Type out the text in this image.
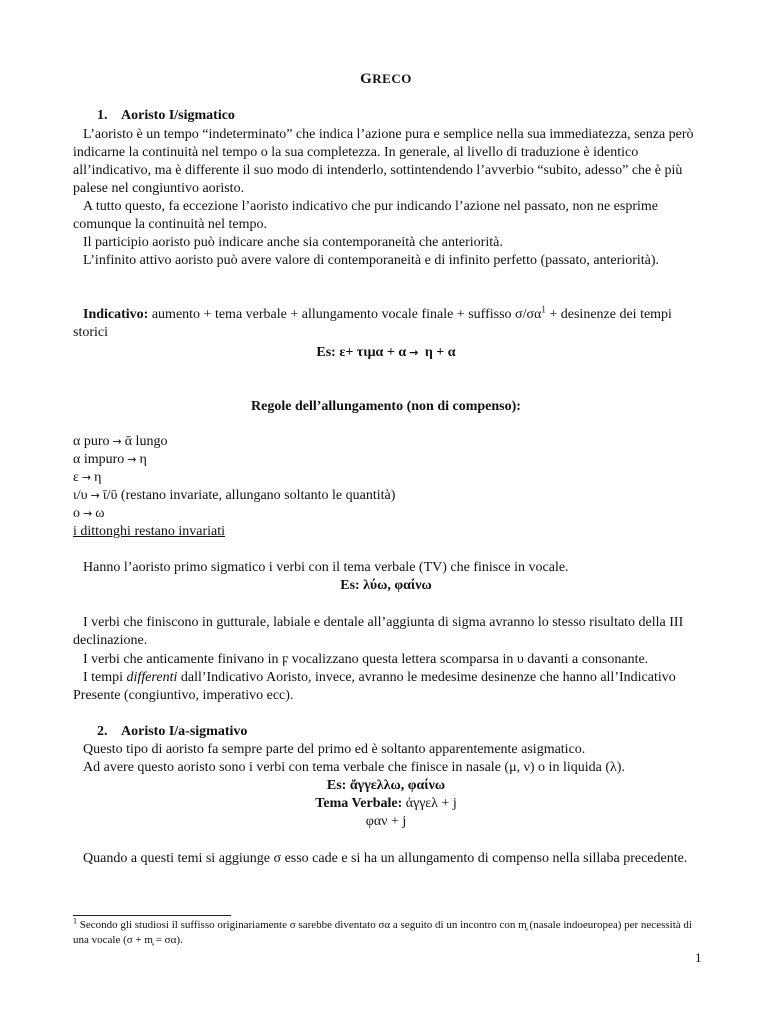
GRECO
1. Aoristo I/sigmatico
L’aoristo è un tempo “indeterminato” che indica l’azione pura e semplice nella sua immediatezza, senza però indicarne la continuità nel tempo o la sua completezza. In generale, al livello di traduzione è identico all’indicativo, ma è differente il suo modo di intenderlo, sottintendendo l’avverbio “subito, adesso” che è più palese nel congiuntivo aoristo.
A tutto questo, fa eccezione l’aoristo indicativo che pur indicando l’azione nel passato, non ne esprime comunque la continuità nel tempo.
Il participio aoristo può indicare anche sia contemporaneità che anteriorità.
L’infinito attivo aoristo può avere valore di contemporaneità e di infinito perfetto (passato, anteriorità).
Indicativo: aumento + tema verbale + allungamento vocale finale + suffisso $\sigma/\sigma\alpha^1$ + desinenze dei tempi storici
Es: ε+ τιμα + α → η + α
Regole dell’allungamento (non di compenso):
α puro → ᾱ lungo
α impuro → η
ε → η
ι/υ → ῑ/ῡ (restano invariate, allungano soltanto le quantità)
ο → ω
i dittonghi restano invariati
Hanno l’aoristo primo sigmatico i verbi con il tema verbale (TV) che finisce in vocale.
Es: λύω, φαίνω
I verbi che finiscono in gutturale, labiale e dentale all’aggiunta di sigma avranno lo stesso risultato della III declinazione.
I verbi che anticamente finivano in ϝ vocalizzano questa lettera scomparsa in υ davanti a consonante.
I tempi differenti dall’Indicativo Aoristo, invece, avranno le medesime desinenze che hanno all’Indicativo Presente (congiuntivo, imperativo ecc).
2. Aoristo I/a-sigmativo
Questo tipo di aoristo fa sempre parte del primo ed è soltanto apparentemente asigmatico.
Ad avere questo aoristo sono i verbi con tema verbale che finisce in nasale (μ, ν) o in liquida (λ).
Es: ἄγγελλω, φαίνω
Tema Verbale: ἀγγελ + j
φαν + j
Quando a questi temi si aggiunge σ esso cade e si ha un allungamento di compenso nella sillaba precedente.
$^1$ Secondo gli studiosi il suffisso originariamente σ sarebbe diventato σα a seguito di un incontro con m̥ (nasale indoeuropea) per necessità di una vocale (σ + m̥ = σα).
1
